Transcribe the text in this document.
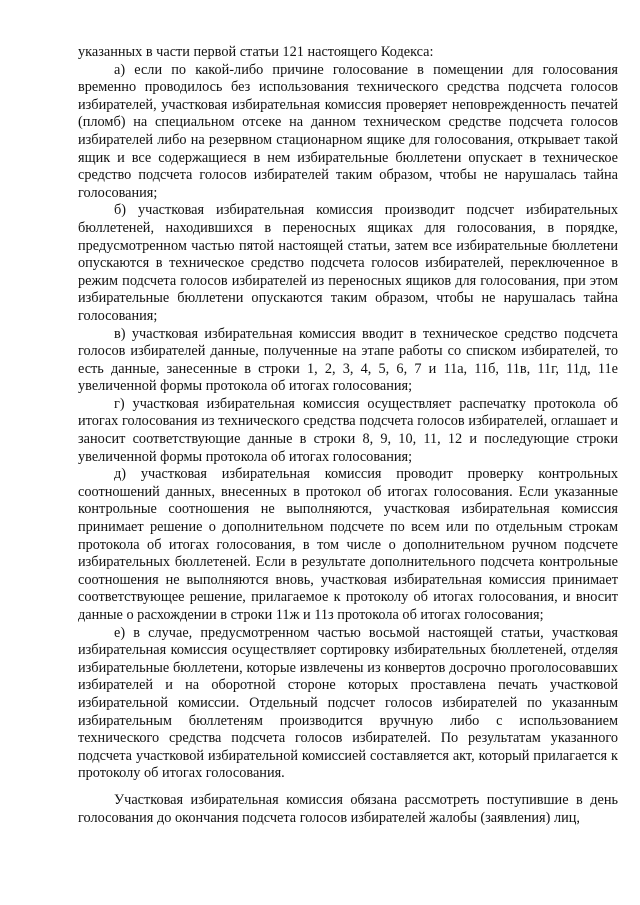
указанных в части первой статьи 121 настоящего Кодекса:

а) если по какой-либо причине голосование в помещении для голосования временно проводилось без использования технического средства подсчета голосов избирателей, участковая избирательная комиссия проверяет неповрежденность печатей (пломб) на специальном отсеке на данном техническом средстве подсчета голосов избирателей либо на резервном стационарном ящике для голосования, открывает такой ящик и все содержащиеся в нем избирательные бюллетени опускает в техническое средство подсчета голосов избирателей таким образом, чтобы не нарушалась тайна голосования;

б) участковая избирательная комиссия производит подсчет избирательных бюллетеней, находившихся в переносных ящиках для голосования, в порядке, предусмотренном частью пятой настоящей статьи, затем все избирательные бюллетени опускаются в техническое средство подсчета голосов избирателей, переключенное в режим подсчета голосов избирателей из переносных ящиков для голосования, при этом избирательные бюллетени опускаются таким образом, чтобы не нарушалась тайна голосования;

в) участковая избирательная комиссия вводит в техническое средство подсчета голосов избирателей данные, полученные на этапе работы со списком избирателей, то есть данные, занесенные в строки 1, 2, 3, 4, 5, 6, 7 и 11а, 11б, 11в, 11г, 11д, 11е увеличенной формы протокола об итогах голосования;

г) участковая избирательная комиссия осуществляет распечатку протокола об итогах голосования из технического средства подсчета голосов избирателей, оглашает и заносит соответствующие данные в строки 8, 9, 10, 11, 12 и последующие строки увеличенной формы протокола об итогах голосования;

д) участковая избирательная комиссия проводит проверку контрольных соотношений данных, внесенных в протокол об итогах голосования. Если указанные контрольные соотношения не выполняются, участковая избирательная комиссия принимает решение о дополнительном подсчете по всем или по отдельным строкам протокола об итогах голосования, в том числе о дополнительном ручном подсчете избирательных бюллетеней. Если в результате дополнительного подсчета контрольные соотношения не выполняются вновь, участковая избирательная комиссия принимает соответствующее решение, прилагаемое к протоколу об итогах голосования, и вносит данные о расхождении в строки 11ж и 11з протокола об итогах голосования;

е) в случае, предусмотренном частью восьмой настоящей статьи, участковая избирательная комиссия осуществляет сортировку избирательных бюллетеней, отделяя избирательные бюллетени, которые извлечены из конвертов досрочно проголосовавших избирателей и на оборотной стороне которых проставлена печать участковой избирательной комиссии. Отдельный подсчет голосов избирателей по указанным избирательным бюллетеням производится вручную либо с использованием технического средства подсчета голосов избирателей. По результатам указанного подсчета участковой избирательной комиссией составляется акт, который прилагается к протоколу об итогах голосования.

Участковая избирательная комиссия обязана рассмотреть поступившие в день голосования до окончания подсчета голосов избирателей жалобы (заявления) лиц,
